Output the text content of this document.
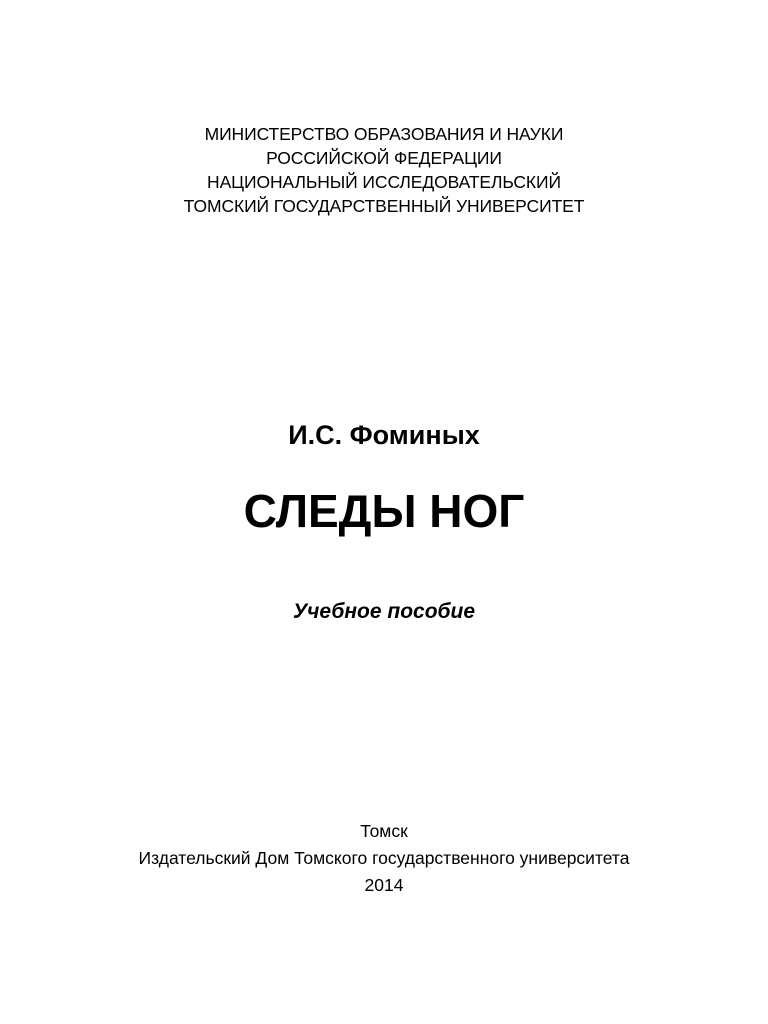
МИНИСТЕРСТВО ОБРАЗОВАНИЯ И НАУКИ
РОССИЙСКОЙ ФЕДЕРАЦИИ
НАЦИОНАЛЬНЫЙ ИССЛЕДОВАТЕЛЬСКИЙ
ТОМСКИЙ ГОСУДАРСТВЕННЫЙ УНИВЕРСИТЕТ
И.С. Фоминых
СЛЕДЫ НОГ
Учебное пособие
Томск
Издательский Дом Томского государственного университета
2014
